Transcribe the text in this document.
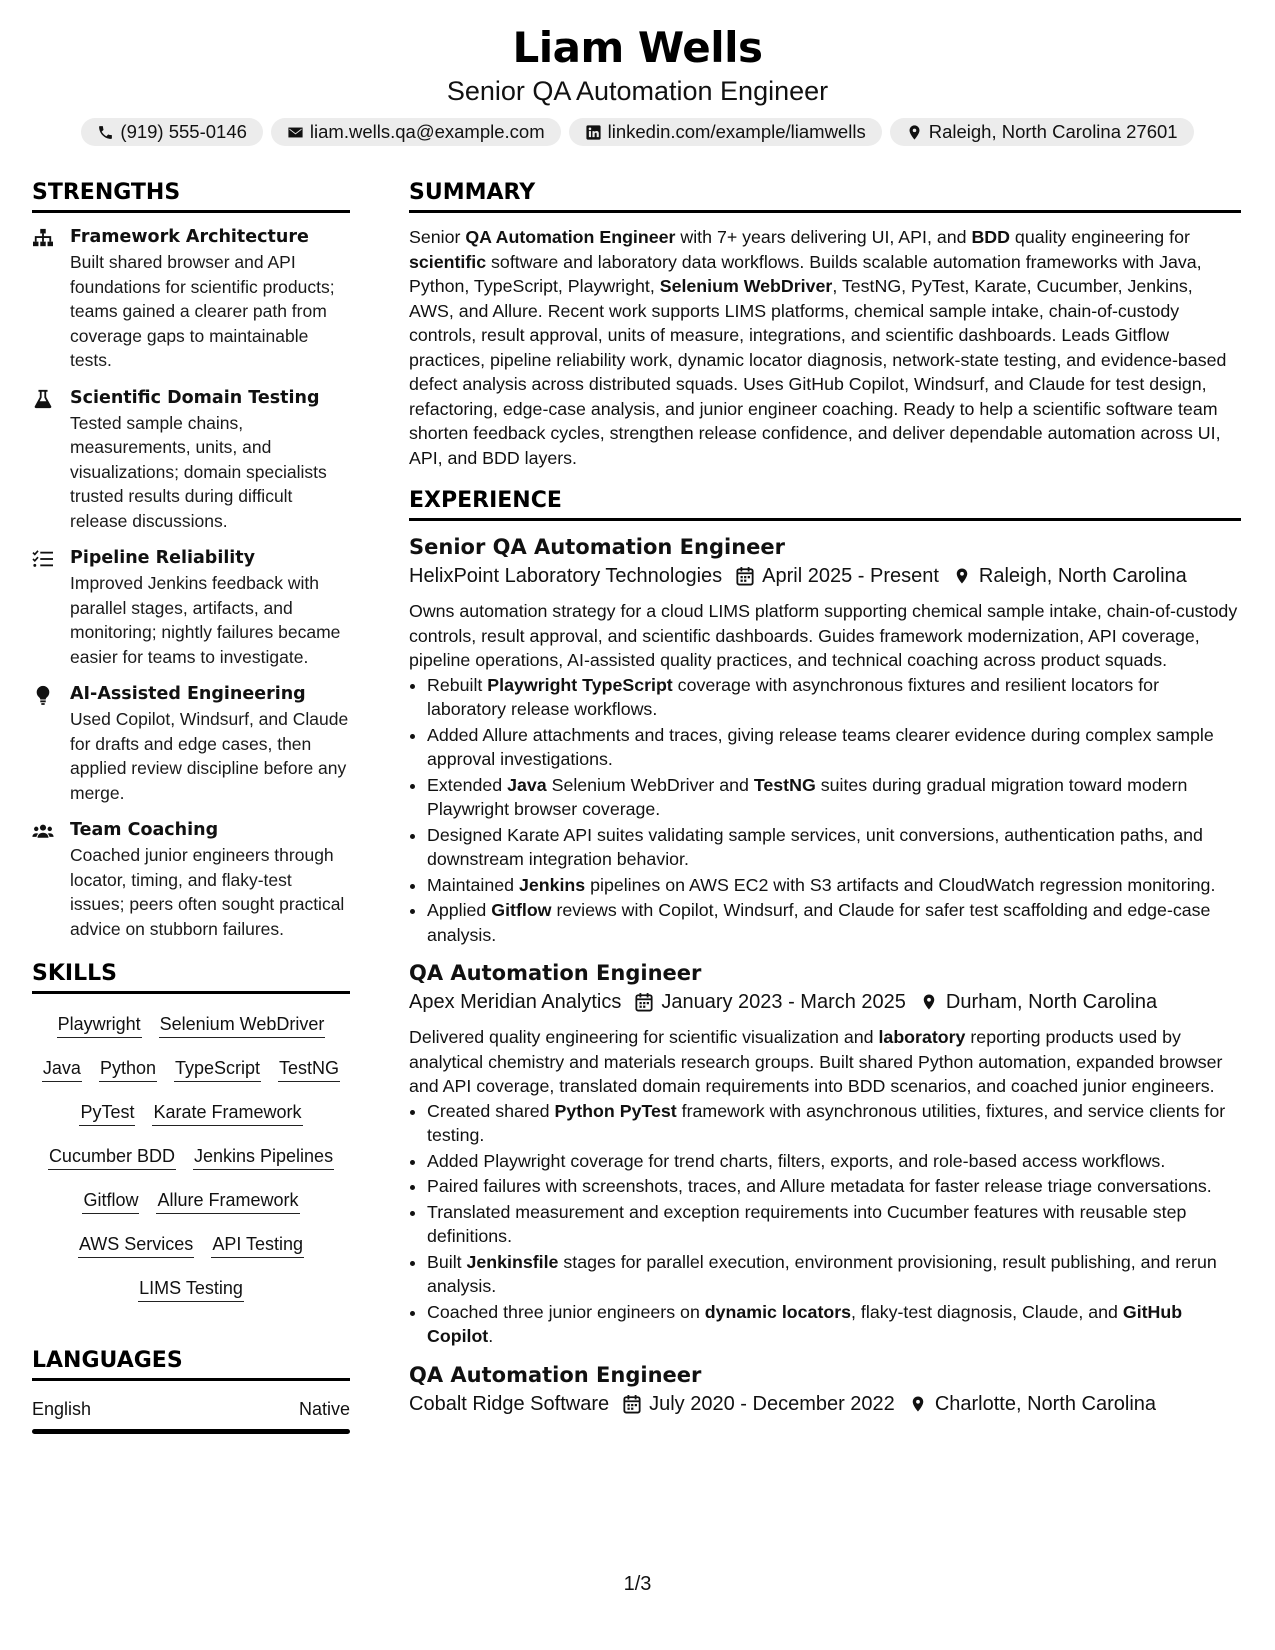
Liam Wells
Senior QA Automation Engineer
(919) 555-0146	liam.wells.qa@example.com	linkedin.com/example/liamwells	Raleigh, North Carolina 27601
STRENGTHS
Framework Architecture
Built shared browser and API foundations for scientific products; teams gained a clearer path from coverage gaps to maintainable tests.
Scientific Domain Testing
Tested sample chains, measurements, units, and visualizations; domain specialists trusted results during difficult release discussions.
Pipeline Reliability
Improved Jenkins feedback with parallel stages, artifacts, and monitoring; nightly failures became easier for teams to investigate.
AI-Assisted Engineering
Used Copilot, Windsurf, and Claude for drafts and edge cases, then applied review discipline before any merge.
Team Coaching
Coached junior engineers through locator, timing, and flaky-test issues; peers often sought practical advice on stubborn failures.
SKILLS
Playwright Selenium WebDriver
Java Python TypeScript TestNG
PyTest Karate Framework
Cucumber BDD Jenkins Pipelines
Gitflow Allure Framework
AWS Services API Testing
LIMS Testing
LANGUAGES
English	Native
SUMMARY
Senior QA Automation Engineer with 7+ years delivering UI, API, and BDD quality engineering for scientific software and laboratory data workflows. Builds scalable automation frameworks with Java, Python, TypeScript, Playwright, Selenium WebDriver, TestNG, PyTest, Karate, Cucumber, Jenkins, AWS, and Allure. Recent work supports LIMS platforms, chemical sample intake, chain-of-custody controls, result approval, units of measure, integrations, and scientific dashboards. Leads Gitflow practices, pipeline reliability work, dynamic locator diagnosis, network-state testing, and evidence-based defect analysis across distributed squads. Uses GitHub Copilot, Windsurf, and Claude for test design, refactoring, edge-case analysis, and junior engineer coaching. Ready to help a scientific software team shorten feedback cycles, strengthen release confidence, and deliver dependable automation across UI, API, and BDD layers.
EXPERIENCE
Senior QA Automation Engineer
HelixPoint Laboratory Technologies April 2025 - Present Raleigh, North Carolina
Owns automation strategy for a cloud LIMS platform supporting chemical sample intake, chain-of-custody controls, result approval, and scientific dashboards. Guides framework modernization, API coverage, pipeline operations, AI-assisted quality practices, and technical coaching across product squads.
• Rebuilt Playwright TypeScript coverage with asynchronous fixtures and resilient locators for laboratory release workflows.
• Added Allure attachments and traces, giving release teams clearer evidence during complex sample approval investigations.
• Extended Java Selenium WebDriver and TestNG suites during gradual migration toward modern Playwright browser coverage.
• Designed Karate API suites validating sample services, unit conversions, authentication paths, and downstream integration behavior.
• Maintained Jenkins pipelines on AWS EC2 with S3 artifacts and CloudWatch regression monitoring.
• Applied Gitflow reviews with Copilot, Windsurf, and Claude for safer test scaffolding and edge-case analysis.
QA Automation Engineer
Apex Meridian Analytics January 2023 - March 2025 Durham, North Carolina
Delivered quality engineering for scientific visualization and laboratory reporting products used by analytical chemistry and materials research groups. Built shared Python automation, expanded browser and API coverage, translated domain requirements into BDD scenarios, and coached junior engineers.
• Created shared Python PyTest framework with asynchronous utilities, fixtures, and service clients for testing.
• Added Playwright coverage for trend charts, filters, exports, and role-based access workflows.
• Paired failures with screenshots, traces, and Allure metadata for faster release triage conversations.
• Translated measurement and exception requirements into Cucumber features with reusable step definitions.
• Built Jenkinsfile stages for parallel execution, environment provisioning, result publishing, and rerun analysis.
• Coached three junior engineers on dynamic locators, flaky-test diagnosis, Claude, and GitHub Copilot.
QA Automation Engineer
Cobalt Ridge Software July 2020 - December 2022 Charlotte, North Carolina
1/3
